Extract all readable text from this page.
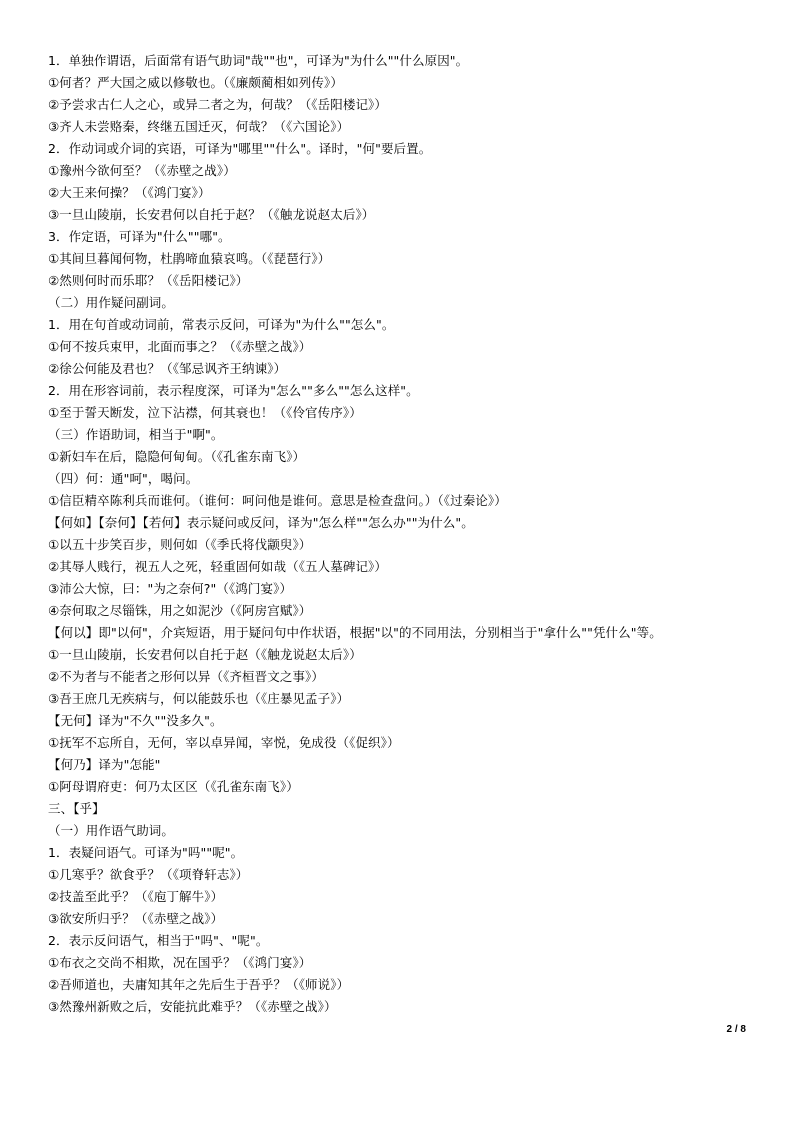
1．单独作谓语，后面常有语气助词"哉""也"，可译为"为什么""什么原因"。
①何者？严大国之威以修敬也。（《廉颇蔺相如列传》）
②予尝求古仁人之心，或异二者之为，何哉？（《岳阳楼记》）
③齐人未尝赂秦，终继五国迁灭，何哉？（《六国论》）
2．作动词或介词的宾语，可译为"哪里""什么"。译时，"何"要后置。
①豫州今欲何至？（《赤壁之战》）
②大王来何操？（《鸿门宴》）
③一旦山陵崩，长安君何以自托于赵？（《触龙说赵太后》）
3．作定语，可译为"什么""哪"。
①其间旦暮闻何物，杜鹃啼血猿哀鸣。（《琵琶行》）
②然则何时而乐耶？（《岳阳楼记》）
（二）用作疑问副词。
1．用在句首或动词前，常表示反问，可译为"为什么""怎么"。
①何不按兵束甲，北面而事之？（《赤壁之战》）
②徐公何能及君也？（《邹忌讽齐王纳谏》）
2．用在形容词前，表示程度深，可译为"怎么""多么""怎么这样"。
①至于誓天断发，泣下沾襟，何其衰也！（《伶官传序》）
（三）作语助词，相当于"啊"。
①新妇车在后，隐隐何甸甸。（《孔雀东南飞》）
（四）何：通"呵"，喝问。
①信臣精卒陈利兵而谁何。（谁何：呵问他是谁何。意思是检查盘问。）（《过秦论》）
【何如】【奈何】【若何】表示疑问或反问，译为"怎么样""怎么办""为什么"。
①以五十步笑百步，则何如（《季氏将伐颛臾》）
②其辱人贱行，视五人之死，轻重固何如哉（《五人墓碑记》）
③沛公大惊，曰："为之奈何?"（《鸿门宴》）
④奈何取之尽锱铢，用之如泥沙（《阿房宫赋》）
【何以】即"以何"，介宾短语，用于疑问句中作状语，根据"以"的不同用法，分别相当于"拿什么""凭什么"等。
①一旦山陵崩，长安君何以自托于赵（《触龙说赵太后》）
②不为者与不能者之形何以异（《齐桓晋文之事》）
③吾王庶几无疾病与，何以能鼓乐也（《庄暴见孟子》）
【无何】译为"不久""没多久"。
①抚军不忘所自，无何，宰以卓异闻，宰悦，免成役（《促织》）
【何乃】译为"怎能"
①阿母谓府吏：何乃太区区（《孔雀东南飞》）
三、【乎】
（一）用作语气助词。
1．表疑问语气。可译为"吗""呢"。
①几寒乎？欲食乎？（《项脊轩志》）
②技盖至此乎？（《庖丁解牛》）
③欲安所归乎？（《赤壁之战》）
2．表示反问语气，相当于"吗"、"呢"。
①布衣之交尚不相欺，况在国乎？（《鸿门宴》）
②吾师道也，夫庸知其年之先后生于吾乎？（《师说》）
③然豫州新败之后，安能抗此难乎？（《赤壁之战》）
2 / 8
